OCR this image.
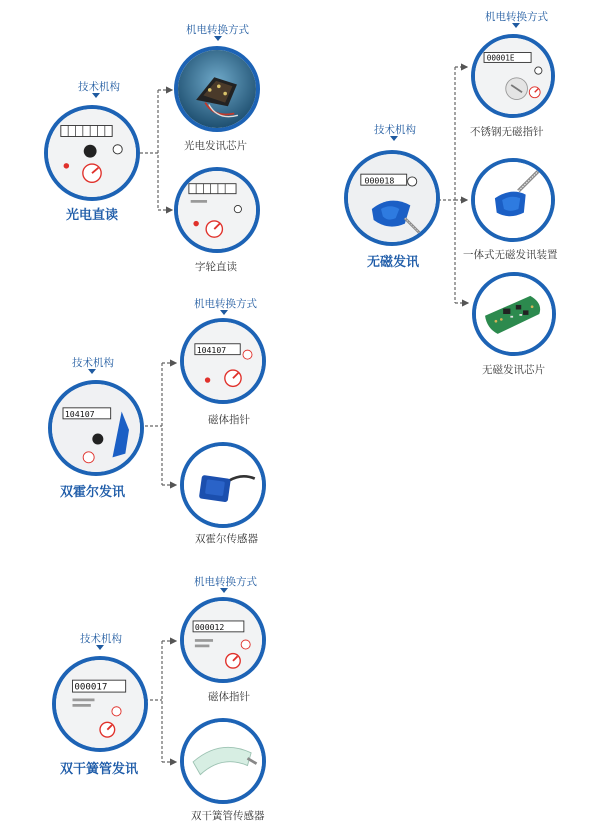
技术机构
光电直读
机电转换方式
光电发讯芯片
字轮直读
技术机构
000018
无磁发讯
机电转换方式
00001E
不锈钢无磁指针
一体式无磁发讯装置
无磁发讯芯片
技术机构
104107
双霍尔发讯
机电转换方式
104107
磁体指针
双霍尔传感器
技术机构
000017
双干簧管发讯
机电转换方式
000012
磁体指针
双干簧管传感器
